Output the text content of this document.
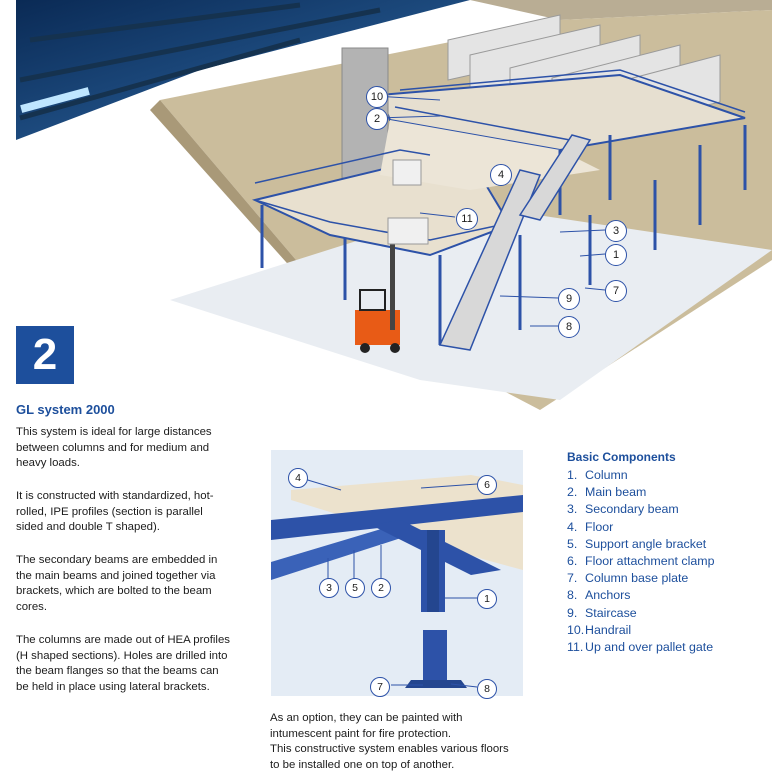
10
2
4
11
3
1
7
9
8
2
GL system 2000
This system is ideal for large distances between columns and for medium and heavy loads.
It is constructed with standardized, hot-rolled, IPE profiles (section is parallel sided and double T shaped).
The secondary beams are embedded in the main beams and joined together via brackets, which are bolted to the beam cores.
The columns are made out of HEA profiles (H shaped sections). Holes are drilled into the beam flanges so that the beams can be held in place using lateral brackets.
4
6
3	5	2
1
7	8
As an option, they can be painted with intumescent paint for fire protection.
This constructive system enables various floors to be installed one on top of another.
Basic Components
1. Column
2. Main beam
3. Secondary beam
4. Floor
5. Support angle bracket
6. Floor attachment clamp
7. Column base plate
8. Anchors
9. Staircase
10. Handrail
11. Up and over pallet gate
